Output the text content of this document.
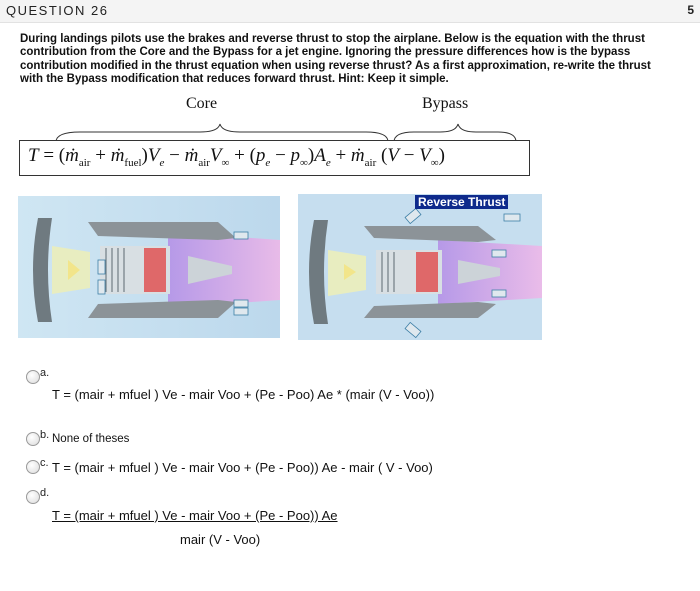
QUESTION 26	5
During landings pilots use the brakes and reverse thrust to stop the airplane. Below is the equation with the thrust contribution from the Core and the Bypass for a jet engine. Ignoring the pressure differences how is the bypass contribution modified in the thrust equation when using reverse thrust? As a first approximation, re-write the thrust with the Bypass modification that reduces forward thrust. Hint: Keep it simple.
Core	Bypass
T = (ṁ$_{air}$ + $ṁ_{fuel})V_e$ − $ṁ_{air}V_\infty + (p_e - p_\infty)A_e$ + ṁ$_{air}$ $(V - V_\infty)$
Reverse Thrust
a.
T = (mair + mfuel ) Ve - mair Voo + (Pe - Poo) Ae * (mair (V - Voo))
b. None of theses
c. T = (mair + mfuel ) Ve - mair Voo + (Pe - Poo)) Ae - mair ( V - Voo)
d.
T = (mair + mfuel ) Ve - mair Voo + (Pe - Poo)) Ae
mair (V - Voo)
